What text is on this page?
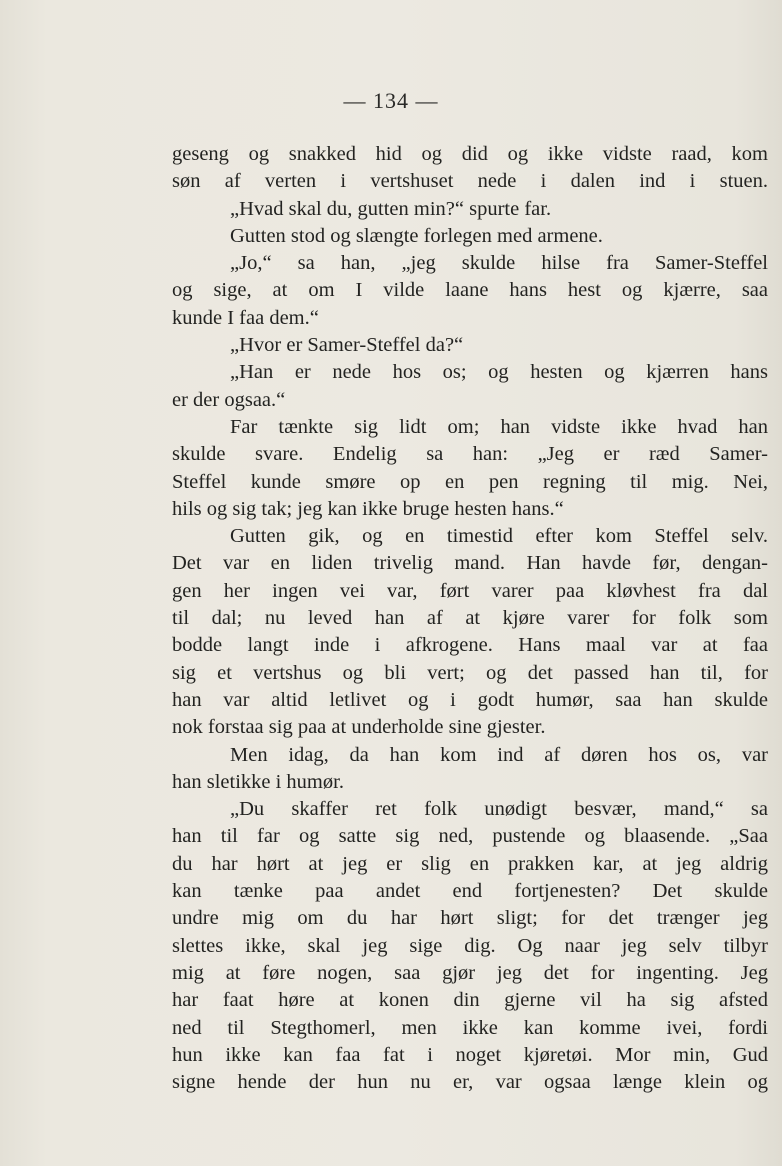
— 134 —
geseng og snakked hid og did og ikke vidste raad, kom
søn af verten i vertshuset nede i dalen ind i stuen.
„Hvad skal du, gutten min?“ spurte far.
Gutten stod og slængte forlegen med armene.
„Jo,“ sa han, „jeg skulde hilse fra Samer-Steffel
og sige, at om I vilde laane hans hest og kjærre, saa
kunde I faa dem.“
„Hvor er Samer-Steffel da?“
„Han er nede hos os; og hesten og kjærren hans
er der ogsaa.“
Far tænkte sig lidt om; han vidste ikke hvad han
skulde svare. Endelig sa han: „Jeg er ræd Samer-
Steffel kunde smøre op en pen regning til mig. Nei,
hils og sig tak; jeg kan ikke bruge hesten hans.“
Gutten gik, og en timestid efter kom Steffel selv.
Det var en liden trivelig mand. Han havde før, dengan-
gen her ingen vei var, ført varer paa kløvhest fra dal
til dal; nu leved han af at kjøre varer for folk som
bodde langt inde i afkrogene. Hans maal var at faa
sig et vertshus og bli vert; og det passed han til, for
han var altid letlivet og i godt humør, saa han skulde
nok forstaa sig paa at underholde sine gjester.
Men idag, da han kom ind af døren hos os, var
han sletikke i humør.
„Du skaffer ret folk unødigt besvær, mand,“ sa
han til far og satte sig ned, pustende og blaasende. „Saa
du har hørt at jeg er slig en prakken kar, at jeg aldrig
kan tænke paa andet end fortjenesten? Det skulde
undre mig om du har hørt sligt; for det trænger jeg
slettes ikke, skal jeg sige dig. Og naar jeg selv tilbyr
mig at føre nogen, saa gjør jeg det for ingenting. Jeg
har faat høre at konen din gjerne vil ha sig afsted
ned til Stegthomerl, men ikke kan komme ivei, fordi
hun ikke kan faa fat i noget kjøretøi. Mor min, Gud
signe hende der hun nu er, var ogsaa længe klein og
